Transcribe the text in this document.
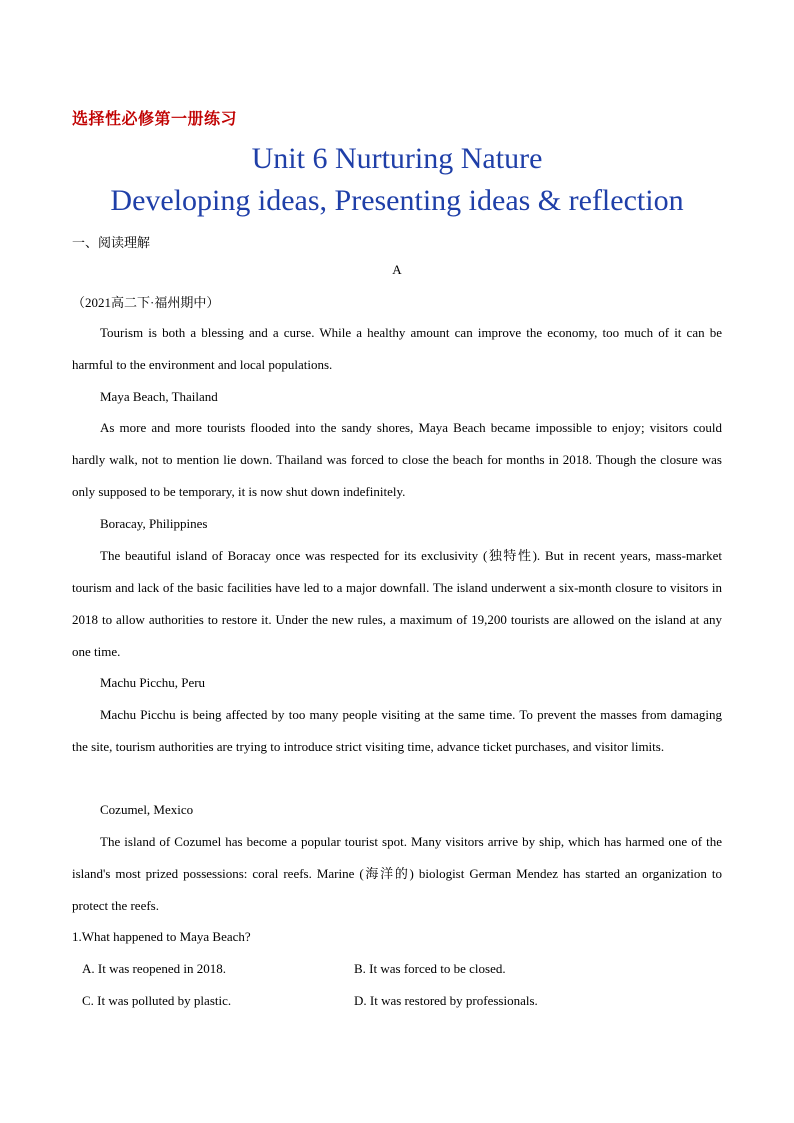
选择性必修第一册练习
Unit 6 Nurturing Nature
Developing ideas, Presenting ideas & reflection
一、阅读理解
A
（2021高二下·福州期中）
Tourism is both a blessing and a curse. While a healthy amount can improve the economy, too much of it can be harmful to the environment and local populations.
Maya Beach, Thailand
As more and more tourists flooded into the sandy shores, Maya Beach became impossible to enjoy; visitors could hardly walk, not to mention lie down. Thailand was forced to close the beach for months in 2018. Though the closure was only supposed to be temporary, it is now shut down indefinitely.
Boracay, Philippines
The beautiful island of Boracay once was respected for its exclusivity (独特性). But in recent years, mass-market tourism and lack of the basic facilities have led to a major downfall. The island underwent a six-month closure to visitors in 2018 to allow authorities to restore it. Under the new rules, a maximum of 19,200 tourists are allowed on the island at any one time.
Machu Picchu, Peru
Machu Picchu is being affected by too many people visiting at the same time. To prevent the masses from damaging the site, tourism authorities are trying to introduce strict visiting time, advance ticket purchases, and visitor limits.
Cozumel, Mexico
The island of Cozumel has become a popular tourist spot. Many visitors arrive by ship, which has harmed one of the island's most prized possessions: coral reefs. Marine (海洋的) biologist German Mendez has started an organization to protect the reefs.
1.What happened to Maya Beach?
A. It was reopened in 2018.	B. It was forced to be closed.
C. It was polluted by plastic.	D. It was restored by professionals.
